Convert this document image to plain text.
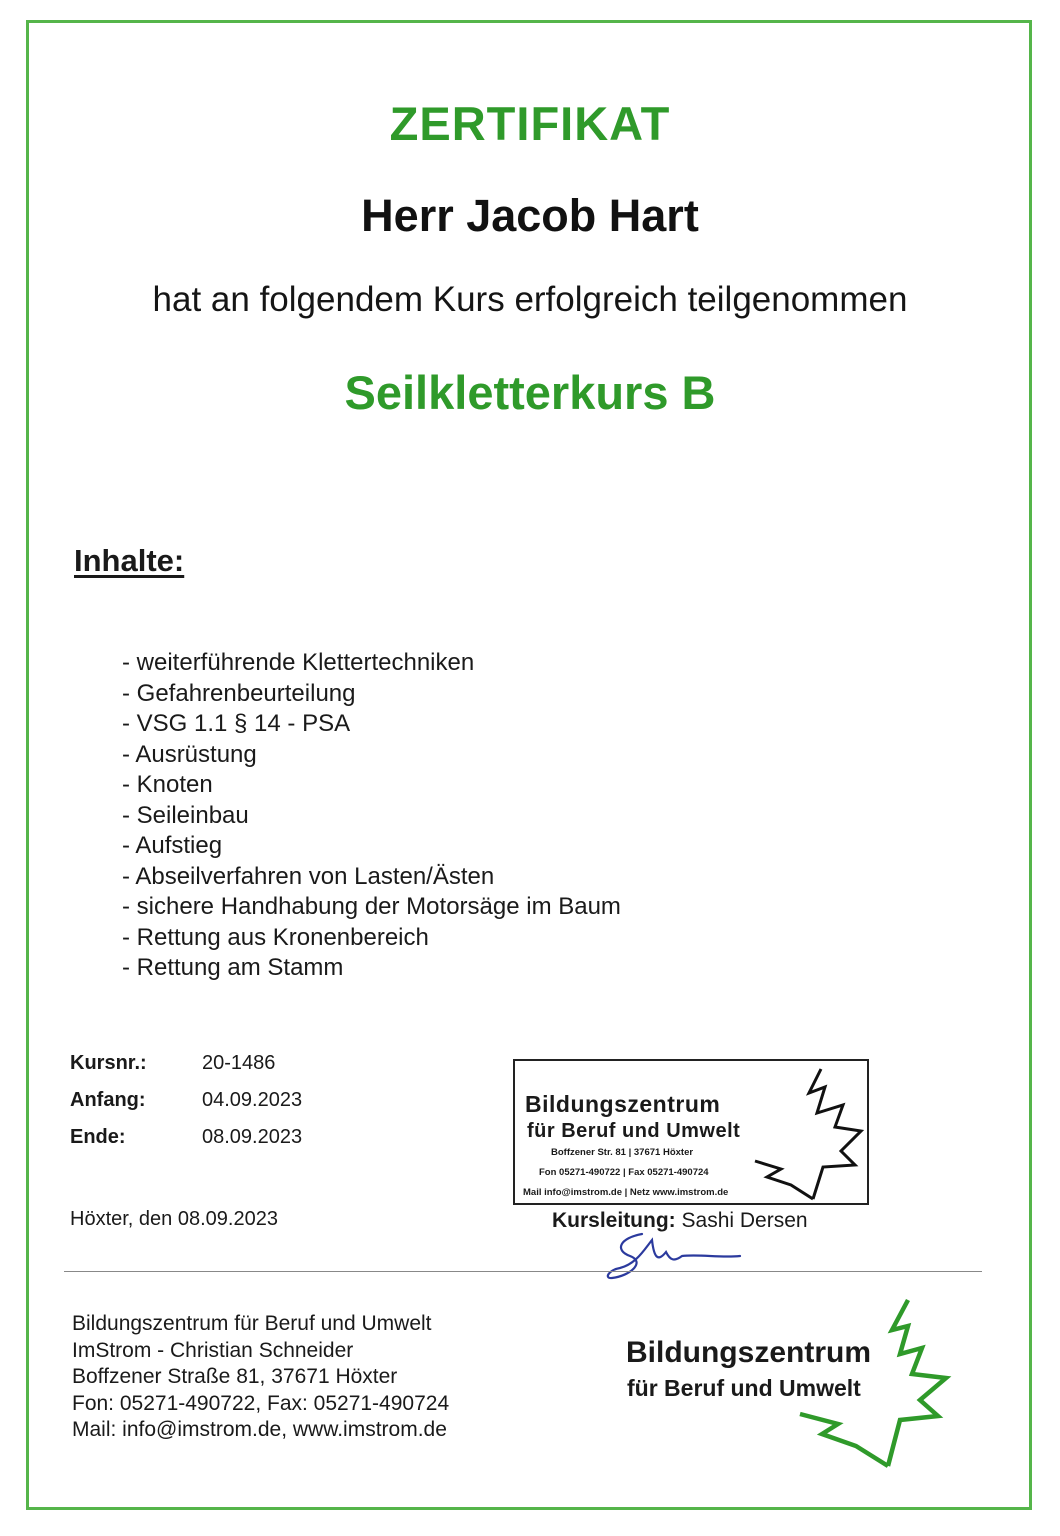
ZERTIFIKAT
Herr Jacob Hart
hat an folgendem Kurs erfolgreich teilgenommen
Seilkletterkurs B
Inhalte:
- weiterführende Klettertechniken
- Gefahrenbeurteilung
- VSG 1.1 § 14 - PSA
- Ausrüstung
- Knoten
- Seileinbau
- Aufstieg
- Abseilverfahren von Lasten/Ästen
- sichere Handhabung der Motorsäge im Baum
- Rettung aus Kronenbereich
- Rettung am Stamm
Kursnr.:	20-1486
Anfang:	04.09.2023
Ende:	08.09.2023
Höxter, den 08.09.2023
Bildungszentrum
für Beruf und Umwelt
Boffzener Str. 81 | 37671 Höxter
Fon 05271-490722 | Fax 05271-490724
Mail info@imstrom.de | Netz www.imstrom.de
Kursleitung: Sashi Dersen
Bildungszentrum für Beruf und Umwelt
ImStrom - Christian Schneider
Boffzener Straße 81, 37671 Höxter
Fon: 05271-490722, Fax: 05271-490724
Mail: info@imstrom.de, www.imstrom.de
Bildungszentrum
für Beruf und Umwelt
